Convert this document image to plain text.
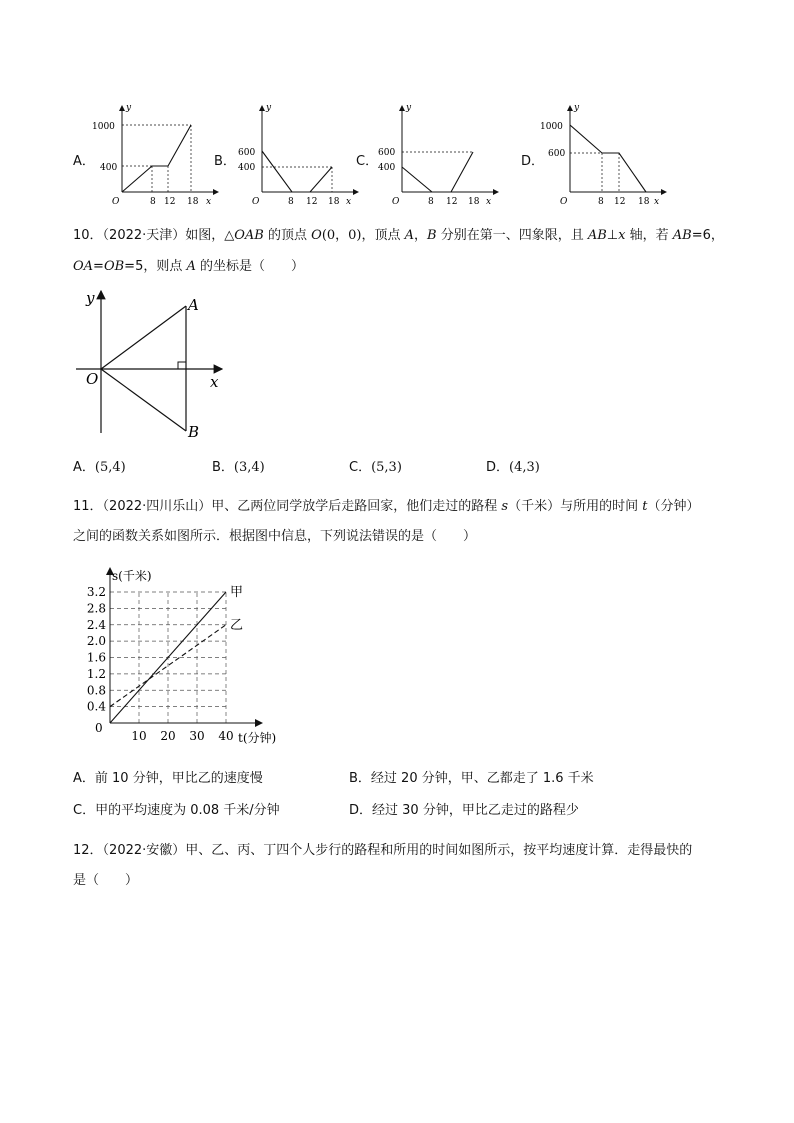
A．
y
x
O
1000
400
8 12 18
B．
y
x
O
600
400
8 12 18
C．
y
x
O
600
400
8 12 18
D．
y
x
O
1000
600
8 12 18
10．（2022·天津）如图，△OAB 的顶点 O(0，0)，顶点 A，B 分别在第一、四象限，且 AB⊥x 轴，若 AB=6，
OA=OB=5，则点 A 的坐标是（　　）
y
x
O
A
B
A．(5,4)	B．(3,4)	C．(5,3)	D．(4,3)
11．（2022·四川乐山）甲、乙两位同学放学后走路回家，他们走过的路程 s（千米）与所用的时间 t（分钟）
之间的函数关系如图所示．根据图中信息，下列说法错误的是（　　）
s(千米)
t(分钟)
0
0.4
0.8
1.2
1.6
2.0
2.4
2.8
3.2
10 20 30 40
甲
乙
A．前 10 分钟，甲比乙的速度慢	B．经过 20 分钟，甲、乙都走了 1.6 千米
C．甲的平均速度为 0.08 千米/分钟	D．经过 30 分钟，甲比乙走过的路程少
12．（2022·安徽）甲、乙、丙、丁四个人步行的路程和所用的时间如图所示，按平均速度计算．走得最快的
是（　　）
